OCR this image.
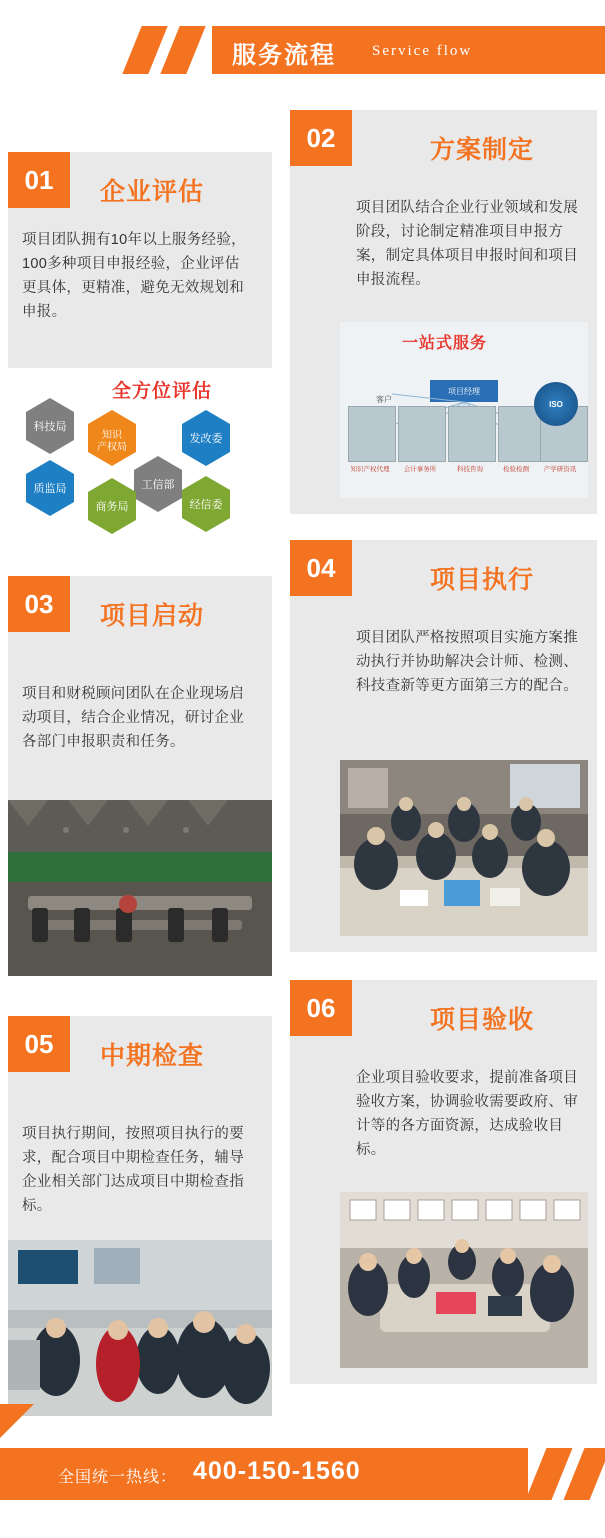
服务流程 Service flow
01	企业评估
项目团队拥有10年以上服务经验，100多种项目申报经验，企业评估更具体，更精准，避免无效规划和申报。
全方位评估
科技局
知识
产权局
发改委
质监局	工信部
商务局	经信委
02	方案制定
项目团队结合企业行业领域和发展阶段，讨论制定精准项目申报方案，制定具体项目申报时间和项目申报流程。
一站式服务
客户
项目经理
知识产权代理	会计事务所	科技咨询	检验检测	产学研资讯
ISO
03	项目启动
项目和财税顾问团队在企业现场启动项目，结合企业情况，研讨企业各部门申报职责和任务。
04	项目执行
项目团队严格按照项目实施方案推动执行并协助解决会计师、检测、科技查新等更方面第三方的配合。
05	中期检查
项目执行期间，按照项目执行的要求，配合项目中期检查任务，辅导企业相关部门达成项目中期检查指标。
06	项目验收
企业项目验收要求，提前准备项目验收方案，协调验收需要政府、审计等的各方面资源，达成验收目标。
全国统一热线： 400-150-1560
